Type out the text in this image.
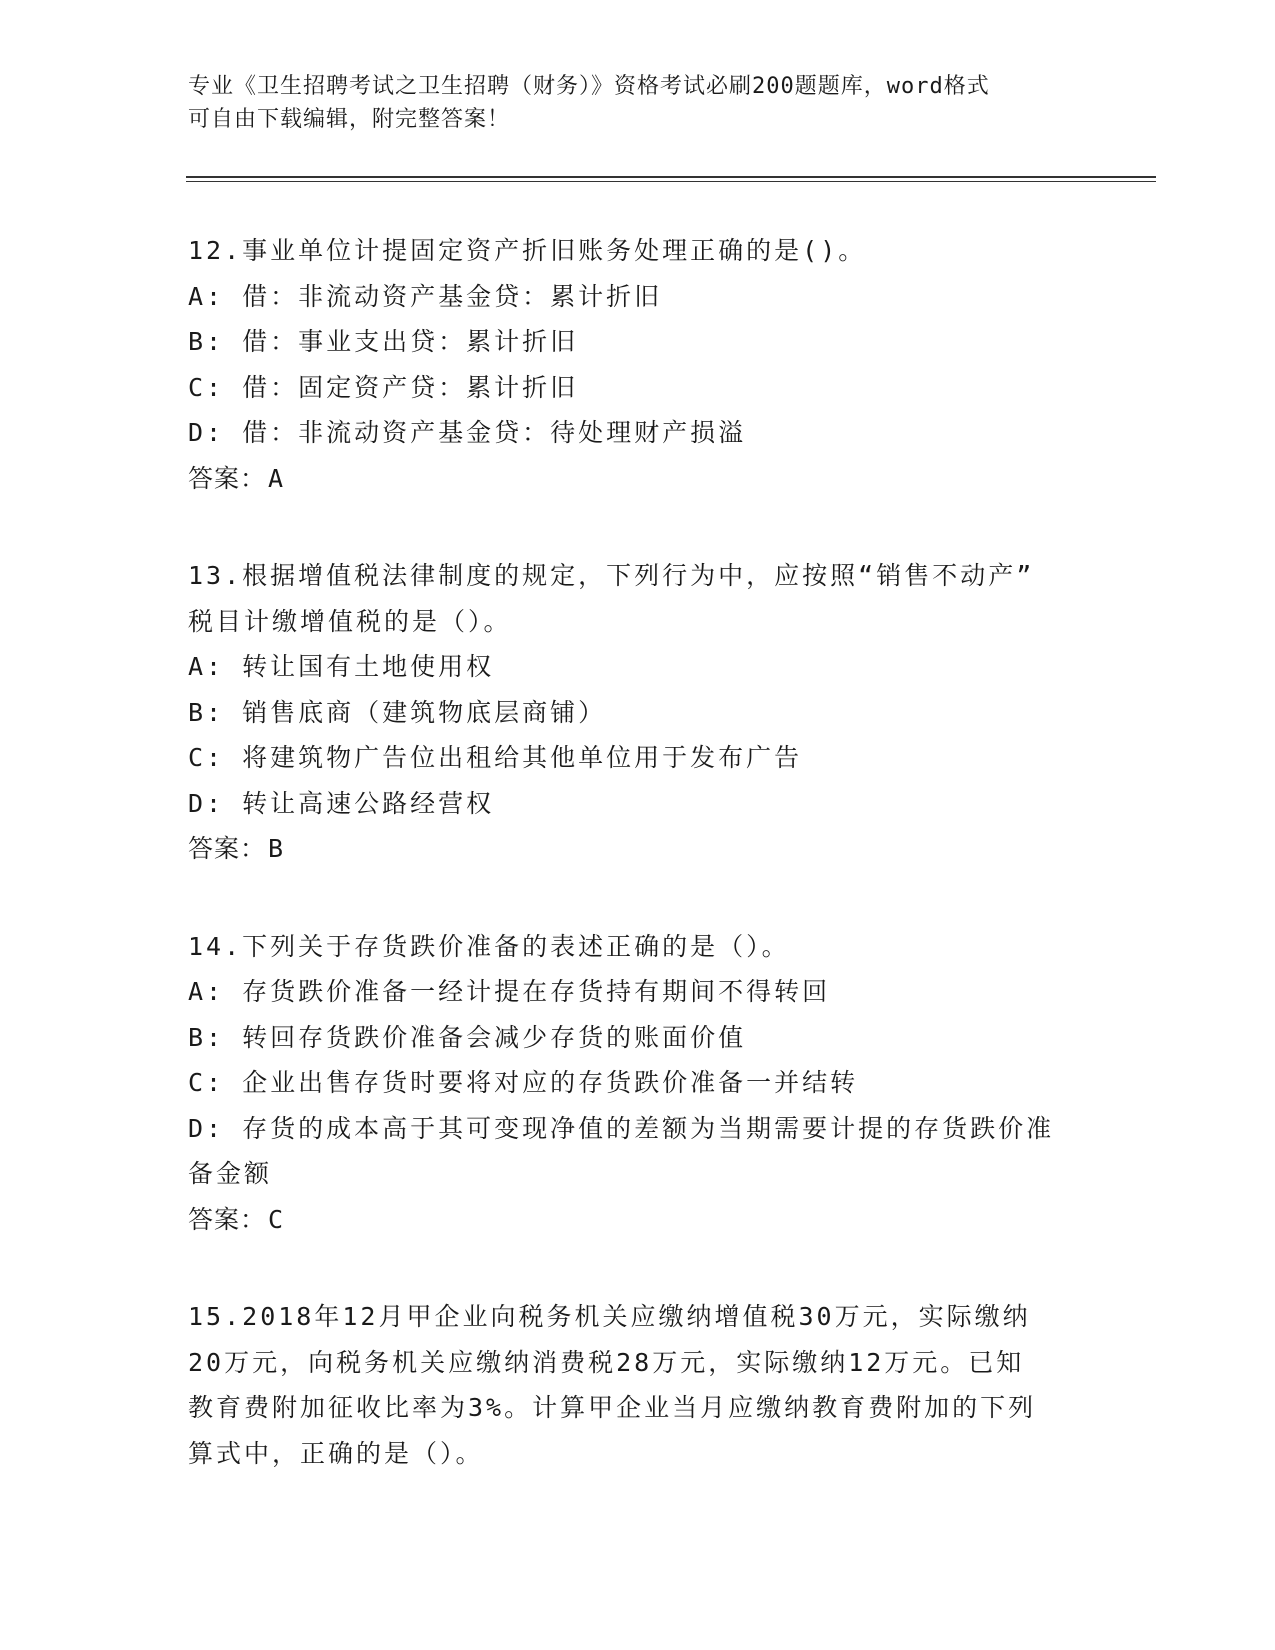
专业《卫生招聘考试之卫生招聘（财务）》资格考试必刷200题题库，word格式
可自由下载编辑，附完整答案！
12.事业单位计提固定资产折旧账务处理正确的是()。
A: 借：非流动资产基金贷：累计折旧
B: 借：事业支出贷：累计折旧
C: 借：固定资产贷：累计折旧
D: 借：非流动资产基金贷：待处理财产损溢
答案：A
13.根据增值税法律制度的规定，下列行为中，应按照“销售不动产”
税目计缴增值税的是（）。
A: 转让国有土地使用权
B: 销售底商（建筑物底层商铺）
C: 将建筑物广告位出租给其他单位用于发布广告
D: 转让高速公路经营权
答案：B
14.下列关于存货跌价准备的表述正确的是（）。
A: 存货跌价准备一经计提在存货持有期间不得转回
B: 转回存货跌价准备会减少存货的账面价值
C: 企业出售存货时要将对应的存货跌价准备一并结转
D: 存货的成本高于其可变现净值的差额为当期需要计提的存货跌价准
备金额
答案：C
15.2018年12月甲企业向税务机关应缴纳增值税30万元，实际缴纳
20万元，向税务机关应缴纳消费税28万元，实际缴纳12万元。已知
教育费附加征收比率为3%。计算甲企业当月应缴纳教育费附加的下列
算式中，正确的是（）。
